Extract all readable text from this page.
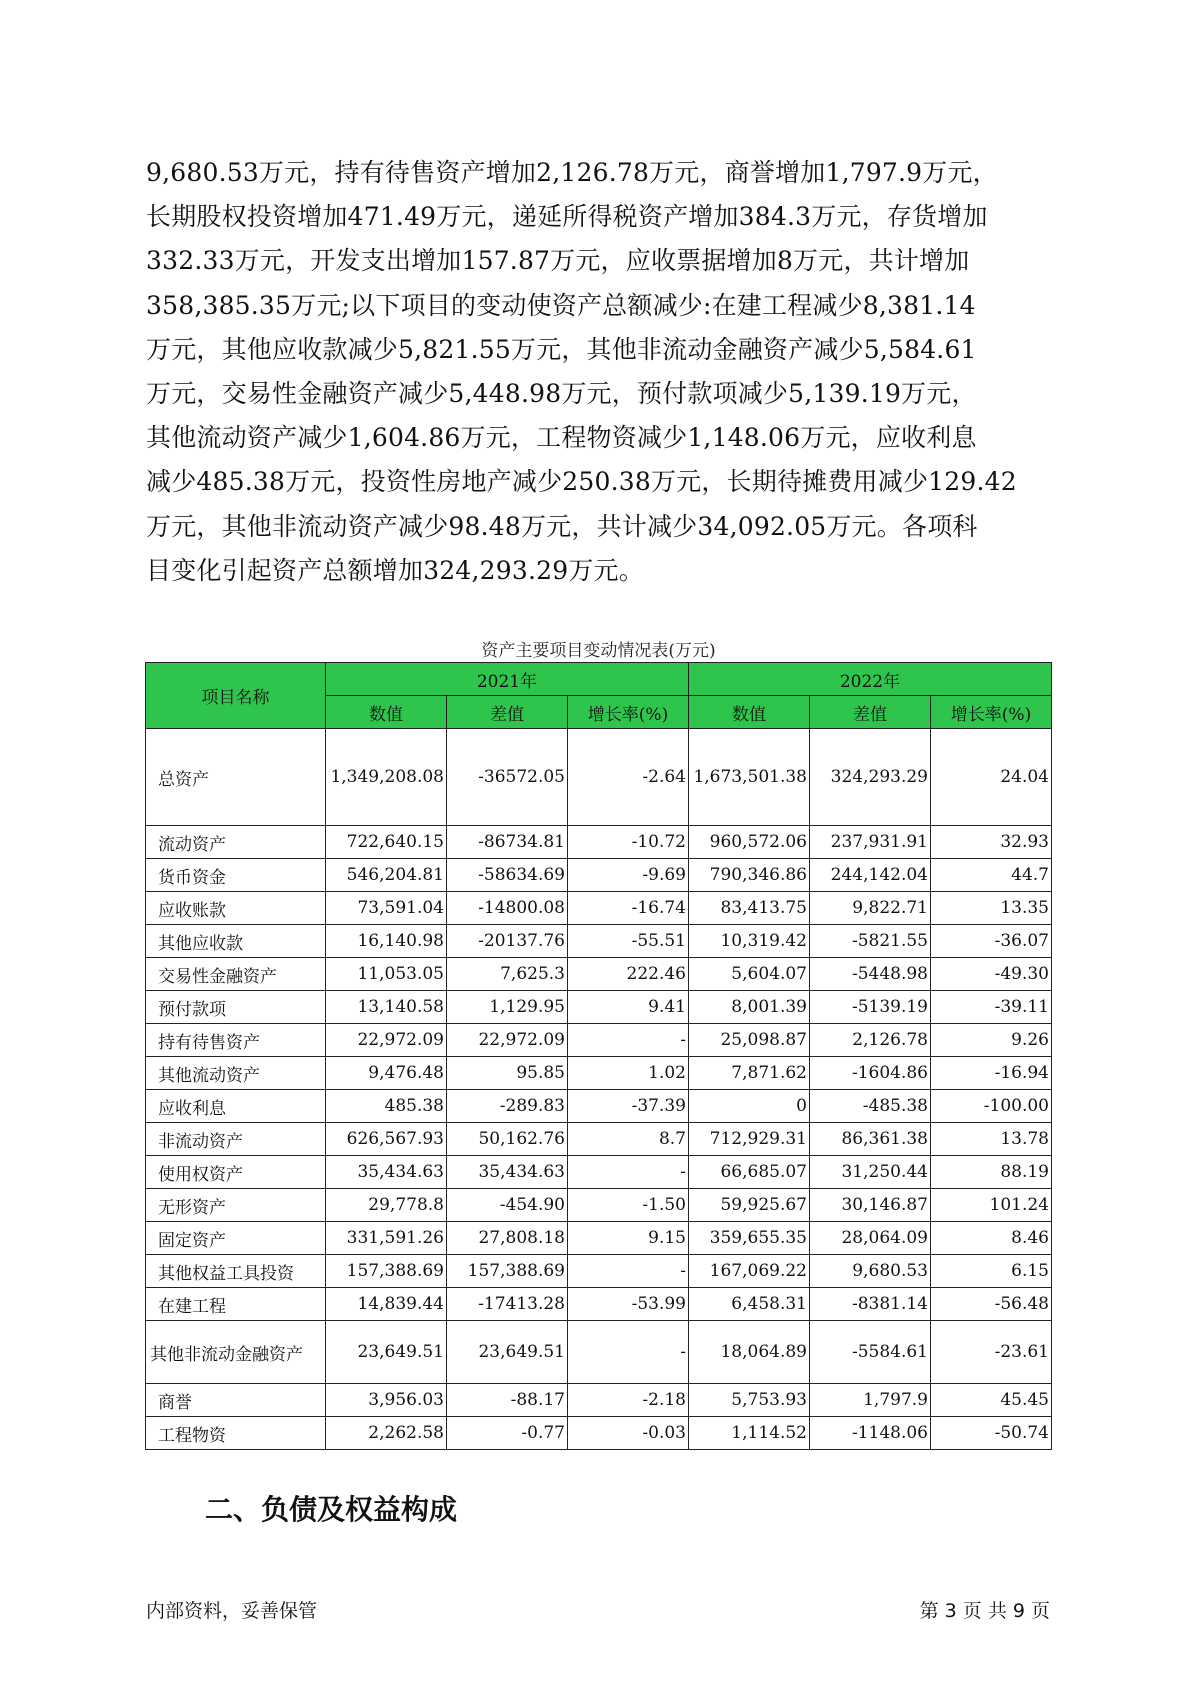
9,680.53万元，持有待售资产增加2,126.78万元，商誉增加1,797.9万元，
长期股权投资增加471.49万元，递延所得税资产增加384.3万元，存货增加
332.33万元，开发支出增加157.87万元，应收票据增加8万元，共计增加
358,385.35万元;以下项目的变动使资产总额减少:在建工程减少8,381.14
万元，其他应收款减少5,821.55万元，其他非流动金融资产减少5,584.61
万元，交易性金融资产减少5,448.98万元，预付款项减少5,139.19万元，
其他流动资产减少1,604.86万元，工程物资减少1,148.06万元，应收利息
减少485.38万元，投资性房地产减少250.38万元，长期待摊费用减少129.42
万元，其他非流动资产减少98.48万元，共计减少34,092.05万元。各项科
目变化引起资产总额增加324,293.29万元。
资产主要项目变动情况表(万元)
项目名称	2021年			2022年		
	数值	差值	增长率(%)	数值	差值	增长率(%)
总资产	1,349,208.08	-36572.05	-2.64	1,673,501.38	324,293.29	24.04
流动资产	722,640.15	-86734.81	-10.72	960,572.06	237,931.91	32.93
货币资金	546,204.81	-58634.69	-9.69	790,346.86	244,142.04	44.7
应收账款	73,591.04	-14800.08	-16.74	83,413.75	9,822.71	13.35
其他应收款	16,140.98	-20137.76	-55.51	10,319.42	-5821.55	-36.07
交易性金融资产	11,053.05	7,625.3	222.46	5,604.07	-5448.98	-49.30
预付款项	13,140.58	1,129.95	9.41	8,001.39	-5139.19	-39.11
持有待售资产	22,972.09	22,972.09	-	25,098.87	2,126.78	9.26
其他流动资产	9,476.48	95.85	1.02	7,871.62	-1604.86	-16.94
应收利息	485.38	-289.83	-37.39	0	-485.38	-100.00
非流动资产	626,567.93	50,162.76	8.7	712,929.31	86,361.38	13.78
使用权资产	35,434.63	35,434.63	-	66,685.07	31,250.44	88.19
无形资产	29,778.8	-454.90	-1.50	59,925.67	30,146.87	101.24
固定资产	331,591.26	27,808.18	9.15	359,655.35	28,064.09	8.46
其他权益工具投资	157,388.69	157,388.69	-	167,069.22	9,680.53	6.15
在建工程	14,839.44	-17413.28	-53.99	6,458.31	-8381.14	-56.48
其他非流动金融资产	23,649.51	23,649.51	-	18,064.89	-5584.61	-23.61
商誉	3,956.03	-88.17	-2.18	5,753.93	1,797.9	45.45
工程物资	2,262.58	-0.77	-0.03	1,114.52	-1148.06	-50.74
二、负债及权益构成
内部资料，妥善保管	第 3 页 共 9 页
